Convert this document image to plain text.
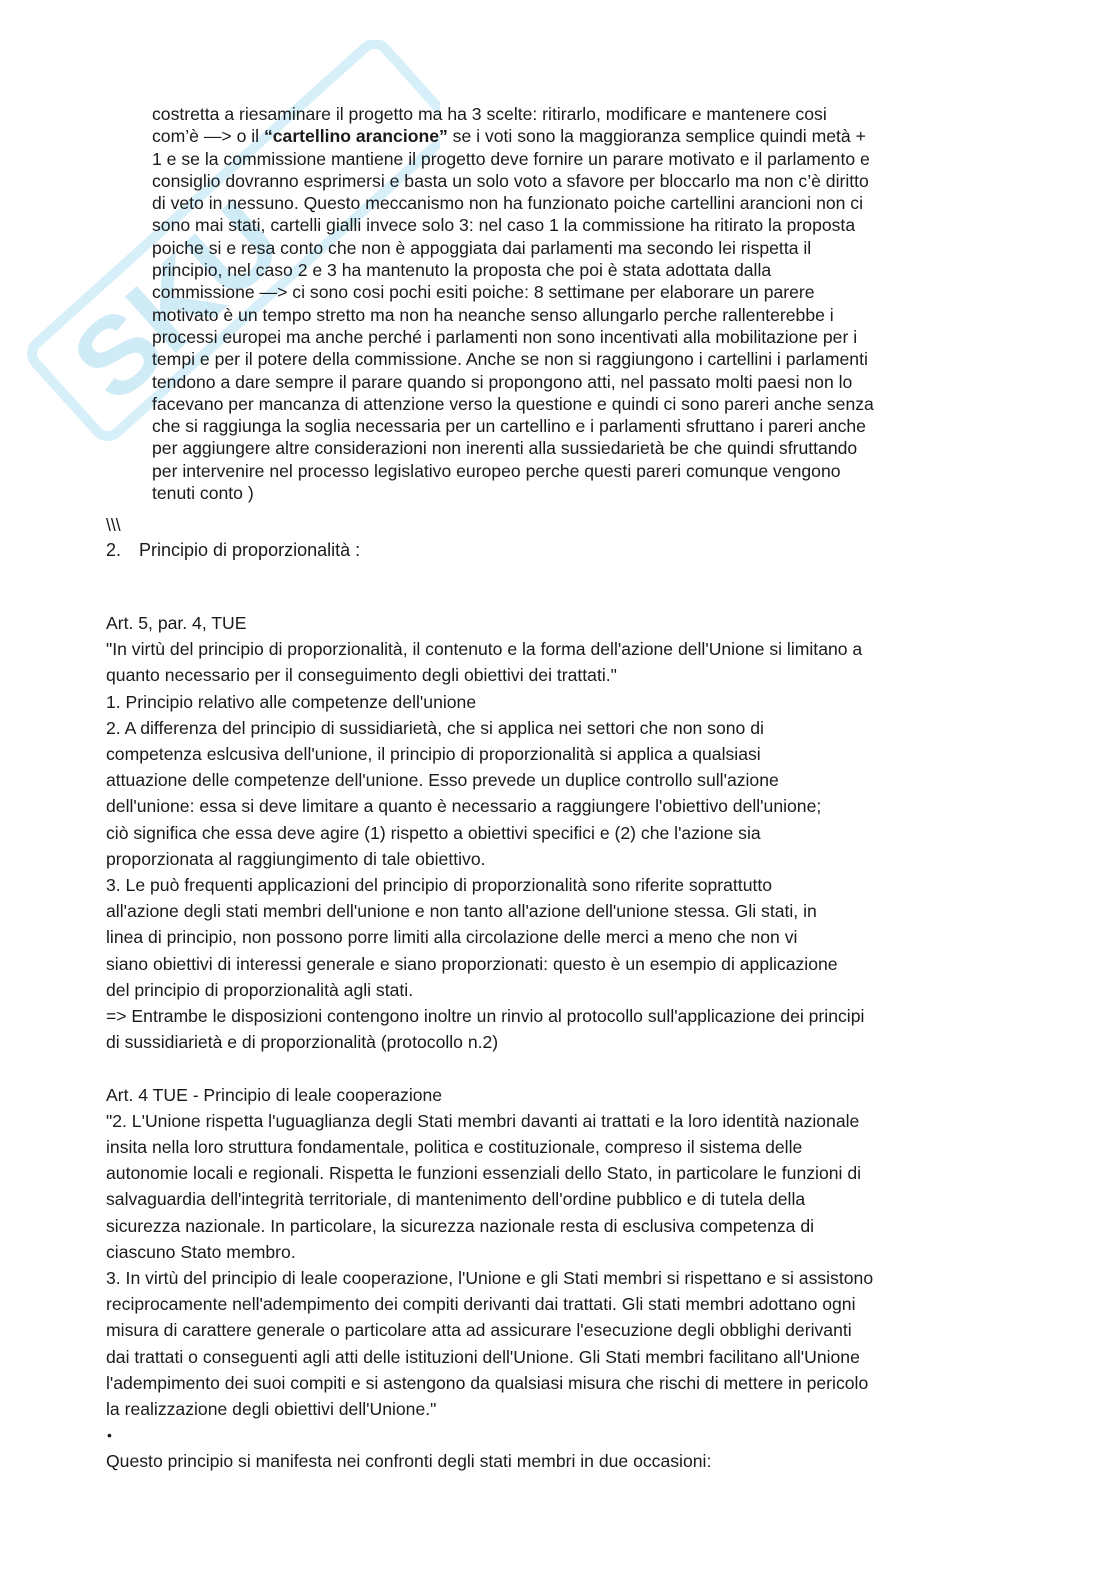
SKU
costretta a riesaminare il progetto ma ha 3 scelte: ritirarlo, modificare e mantenere cosi
com’è —> o il “cartellino arancione” se i voti sono la maggioranza semplice quindi metà +
1 e se la commissione mantiene il progetto deve fornire un parare motivato e il parlamento e
consiglio dovranno esprimersi e basta un solo voto a sfavore per bloccarlo ma non c’è diritto
di veto in nessuno. Questo meccanismo non ha funzionato poiche cartellini arancioni non ci
sono mai stati, cartelli gialli invece solo 3: nel caso 1 la commissione ha ritirato la proposta
poiche si e resa conto che non è appoggiata dai parlamenti ma secondo lei rispetta il
principio, nel caso 2 e 3 ha mantenuto la proposta che poi è stata adottata dalla
commissione —> ci sono cosi pochi esiti poiche: 8 settimane per elaborare un parere
motivato è un tempo stretto ma non ha neanche senso allungarlo perche rallenterebbe i
processi europei ma anche perché i parlamenti non sono incentivati alla mobilitazione per i
tempi e per il potere della commissione. Anche se non si raggiungono i cartellini i parlamenti
tendono a dare sempre il parare quando si propongono atti, nel passato molti paesi non lo
facevano per mancanza di attenzione verso la questione e quindi ci sono pareri anche senza
che si raggiunga la soglia necessaria per un cartellino e i parlamenti sfruttano i pareri anche
per aggiungere altre considerazioni non inerenti alla sussiedarietà be che quindi sfruttando
per intervenire nel processo legislativo europeo perche questi pareri comunque vengono
tenuti conto )
\\\
2. Principio di proporzionalità :
Art. 5, par. 4, TUE
"In virtù del principio di proporzionalità, il contenuto e la forma dell'azione dell'Unione si limitano a
quanto necessario per il conseguimento degli obiettivi dei trattati."
1. Principio relativo alle competenze dell'unione
2. A differenza del principio di sussidiarietà, che si applica nei settori che non sono di
competenza eslcusiva dell'unione, il principio di proporzionalità si applica a qualsiasi
attuazione delle competenze dell'unione. Esso prevede un duplice controllo sull'azione
dell'unione: essa si deve limitare a quanto è necessario a raggiungere l'obiettivo dell'unione;
ciò significa che essa deve agire (1) rispetto a obiettivi specifici e (2) che l'azione sia
proporzionata al raggiungimento di tale obiettivo.
3. Le può frequenti applicazioni del principio di proporzionalità sono riferite soprattutto
all'azione degli stati membri dell'unione e non tanto all'azione dell'unione stessa. Gli stati, in
linea di principio, non possono porre limiti alla circolazione delle merci a meno che non vi
siano obiettivi di interessi generale e siano proporzionati: questo è un esempio di applicazione
del principio di proporzionalità agli stati.
=> Entrambe le disposizioni contengono inoltre un rinvio al protocollo sull'applicazione dei principi
di sussidiarietà e di proporzionalità (protocollo n.2)
Art. 4 TUE - Principio di leale cooperazione
"2. L'Unione rispetta l'uguaglianza degli Stati membri davanti ai trattati e la loro identità nazionale
insita nella loro struttura fondamentale, politica e costituzionale, compreso il sistema delle
autonomie locali e regionali. Rispetta le funzioni essenziali dello Stato, in particolare le funzioni di
salvaguardia dell'integrità territoriale, di mantenimento dell'ordine pubblico e di tutela della
sicurezza nazionale. In particolare, la sicurezza nazionale resta di esclusiva competenza di
ciascuno Stato membro.
3. In virtù del principio di leale cooperazione, l'Unione e gli Stati membri si rispettano e si assistono
reciprocamente nell'adempimento dei compiti derivanti dai trattati. Gli stati membri adottano ogni
misura di carattere generale o particolare atta ad assicurare l'esecuzione degli obblighi derivanti
dai trattati o conseguenti agli atti delle istituzioni dell'Unione. Gli Stati membri facilitano all'Unione
l'adempimento dei suoi compiti e si astengono da qualsiasi misura che rischi di mettere in pericolo
la realizzazione degli obiettivi dell'Unione."
•
Questo principio si manifesta nei confronti degli stati membri in due occasioni:
